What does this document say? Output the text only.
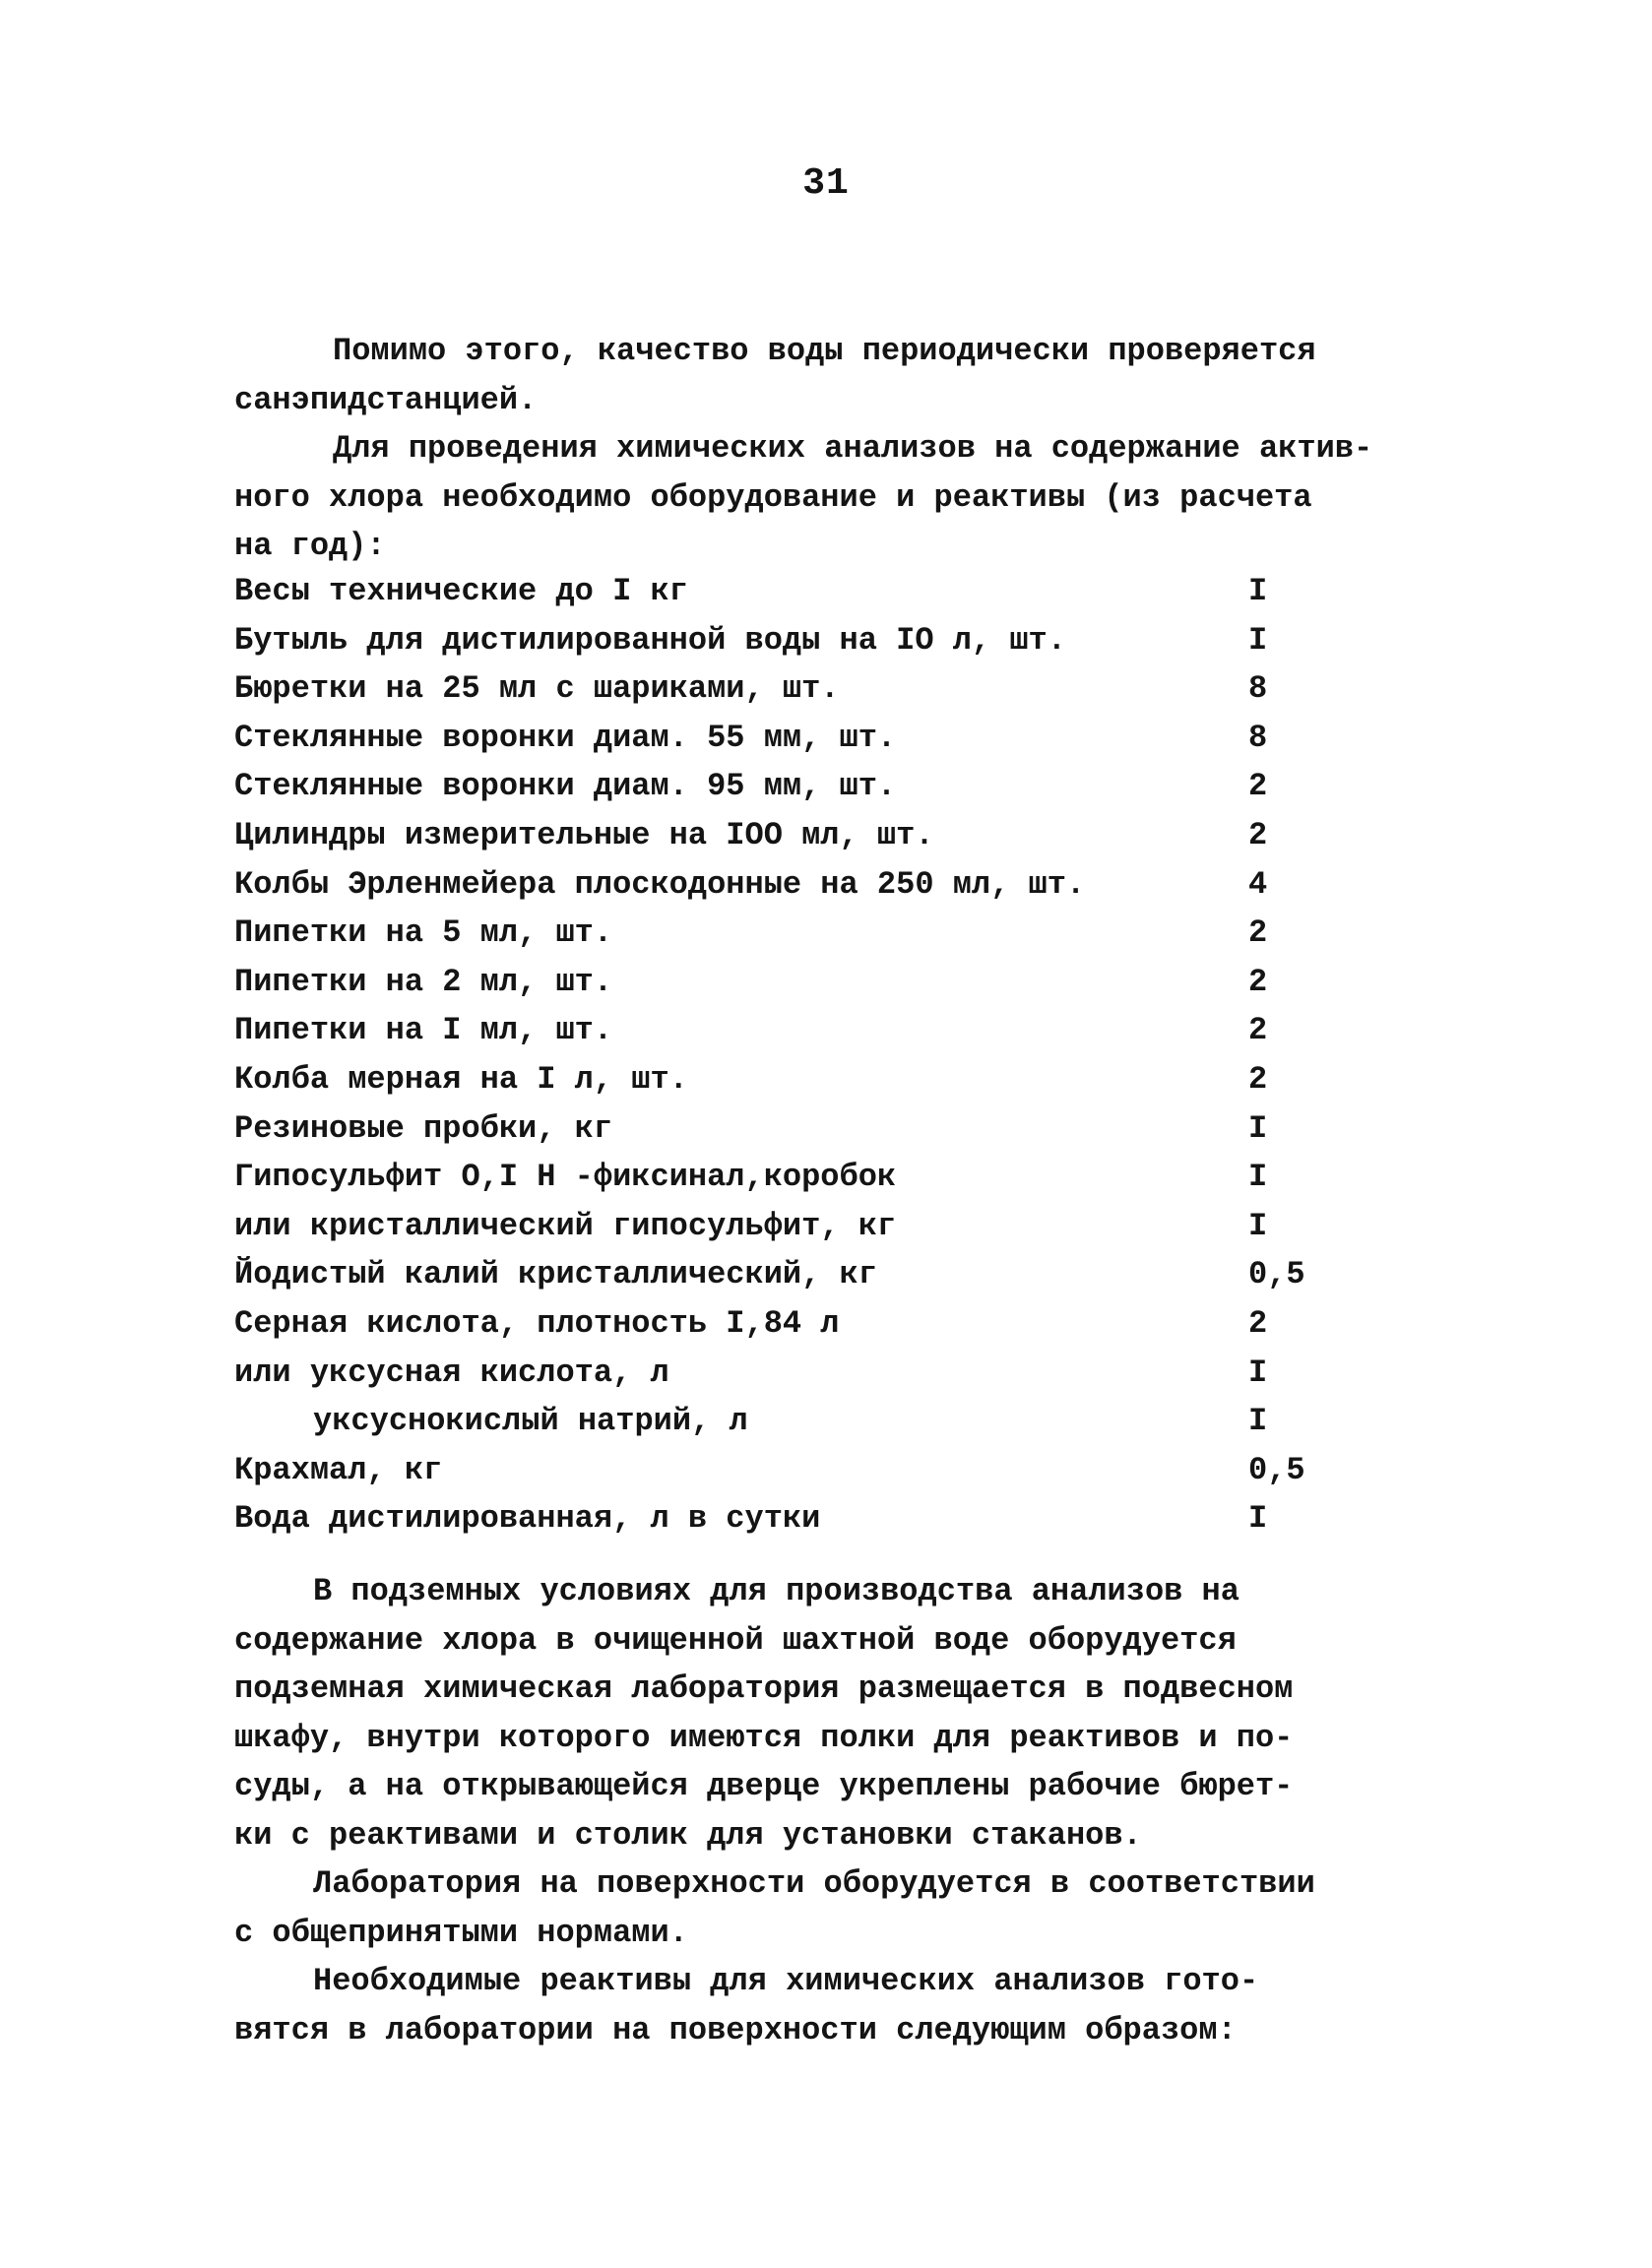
31
Помимо этого, качество воды периодически проверяется
санэпидстанцией.
Для проведения химических анализов на содержание актив-
ного хлора необходимо оборудование и реактивы (из расчета
на год):
Весы технические до I кг	I
Бутыль для дистилированной воды на IO л, шт.	I
Бюретки на 25 мл с шариками, шт.	8
Стеклянные воронки диам. 55 мм, шт.	8
Стеклянные воронки диам. 95 мм, шт.	2
Цилиндры измерительные на IOO мл, шт.	2
Колбы Эрленмейера плоскодонные на 250 мл, шт.	4
Пипетки на 5 мл, шт.	2
Пипетки на 2 мл, шт.	2
Пипетки на I мл, шт.	2
Колба мерная на I л, шт.	2
Резиновые пробки, кг	I
Гипосульфит О,I Н -фиксинал,коробок	I
или кристаллический гипосульфит, кг	I
Йодистый калий кристаллический, кг	0,5
Серная кислота, плотность I,84 л	2
или уксусная кислота, л	I
уксуснокислый натрий, л	I
Крахмал, кг	0,5
Вода дистилированная, л в сутки	I
В подземных условиях для производства анализов на
содержание хлора в очищенной шахтной воде оборудуется
подземная химическая лаборатория размещается в подвесном
шкафу, внутри которого имеются полки для реактивов и по-
суды, а на открывающейся дверце укреплены рабочие бюрет-
ки с реактивами и столик для установки стаканов.
Лаборатория на поверхности оборудуется в соответствии
с общепринятыми нормами.
Необходимые реактивы для химических анализов гото-
вятся в лаборатории на поверхности следующим образом:
